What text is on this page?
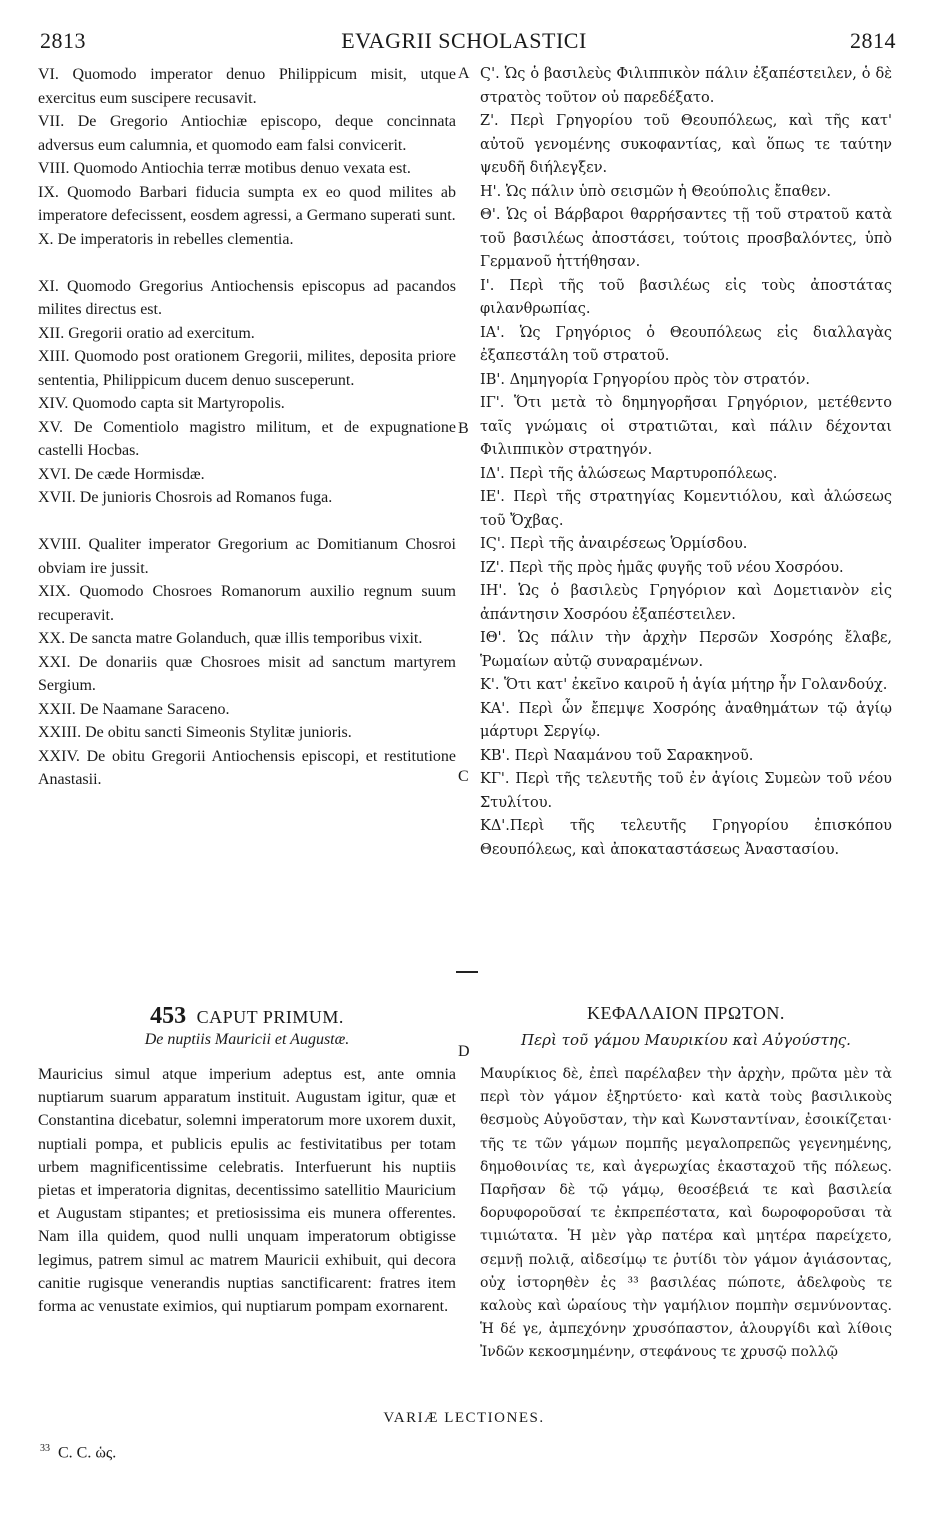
2813	EVAGRII SCHOLASTICI	2814
A
B
C
D

VI. Quomodo imperator denuo Philippicum misit, utque exercitus eum suscipere recusavit.

VII. De Gregorio Antiochiæ episcopo, deque concinnata adversus eum calumnia, et quomodo eam falsi convicerit.

VIII. Quomodo Antiochia terræ motibus denuo vexata est.

IX. Quomodo Barbari fiducia sumpta ex eo quod milites ab imperatore defecissent, eosdem agressi, a Germano superati sunt.

X. De imperatoris in rebelles clementia.

XI. Quomodo Gregorius Antiochensis episcopus ad pacandos milites directus est.

XII. Gregorii oratio ad exercitum.

XIII. Quomodo post orationem Gregorii, milites, deposita priore sententia, Philippicum ducem denuo susceperunt.

XIV. Quomodo capta sit Martyropolis.

XV. De Comentiolo magistro militum, et de expugnatione castelli Hocbas.

XVI. De cæde Hormisdæ.

XVII. De junioris Chosrois ad Romanos fuga.

XVIII. Qualiter imperator Gregorium ac Domitianum Chosroi obviam ire jussit.

XIX. Quomodo Chosroes Romanorum auxilio regnum suum recuperavit.

XX. De sancta matre Golanduch, quæ illis temporibus vixit.

XXI. De donariis quæ Chosroes misit ad sanctum martyrem Sergium.

XXII. De Naamane Saraceno.

XXIII. De obitu sancti Simeonis Stylitæ junioris.

XXIV. De obitu Gregorii Antiochensis episcopi, et restitutione Anastasii.

Ϛ'. Ὡς ὁ βασιλεὺς Φιλιππικὸν πάλιν ἐξαπέστειλεν, ὁ δὲ στρατὸς τοῦτον οὐ παρεδέξατο.

Ζ'. Περὶ Γρηγορίου τοῦ Θεουπόλεως, καὶ τῆς κατ' αὐτοῦ γενομένης συκοφαντίας, καὶ ὅπως τε ταύτην ψευδῆ διήλεγξεν.

Η'. Ὡς πάλιν ὑπὸ σεισμῶν ἡ Θεούπολις ἔπαθεν.

Θ'. Ὡς οἱ Βάρβαροι θαρρήσαντες τῇ τοῦ στρατοῦ κατὰ τοῦ βασιλέως ἀποστάσει, τούτοις προσβαλόντες, ὑπὸ Γερμανοῦ ἡττήθησαν.

Ι'. Περὶ τῆς τοῦ βασιλέως εἰς τοὺς ἀποστάτας φιλανθρωπίας.

ΙΑ'. Ὡς Γρηγόριος ὁ Θεουπόλεως εἰς διαλλαγὰς ἐξαπεστάλη τοῦ στρατοῦ.

ΙΒ'. Δημηγορία Γρηγορίου πρὸς τὸν στρατόν.

ΙΓ'. Ὅτι μετὰ τὸ δημηγορῆσαι Γρηγόριον, μετέθεντο ταῖς γνώμαις οἱ στρατιῶται, καὶ πάλιν δέχονται Φιλιππικὸν στρατηγόν.

ΙΔ'. Περὶ τῆς ἁλώσεως Μαρτυροπόλεως.

ΙΕ'. Περὶ τῆς στρατηγίας Κομεντιόλου, καὶ ἁλώσεως τοῦ Ὄχβας.

ΙϚ'. Περὶ τῆς ἀναιρέσεως Ὁρμίσδου.

ΙΖ'. Περὶ τῆς πρὸς ἡμᾶς φυγῆς τοῦ νέου Χοσρόου.

ΙΗ'. Ὡς ὁ βασιλεὺς Γρηγόριον καὶ Δομετιανὸν εἰς ἀπάντησιν Χοσρόου ἐξαπέστειλεν.

ΙΘ'. Ὡς πάλιν τὴν ἀρχὴν Περσῶν Χοσρόης ἔλαβε, Ῥωμαίων αὐτῷ συναραμένων.

Κ'. Ὅτι κατ' ἐκεῖνο καιροῦ ἡ ἁγία μήτηρ ἦν Γολανδούχ.

ΚΑ'. Περὶ ὧν ἔπεμψε Χοσρόης ἀναθημάτων τῷ ἁγίῳ μάρτυρι Σεργίῳ.

ΚΒ'. Περὶ Νααμάνου τοῦ Σαρακηνοῦ.

ΚΓ'. Περὶ τῆς τελευτῆς τοῦ ἐν ἁγίοις Συμεὼν τοῦ νέου Στυλίτου.

ΚΔ'.Περὶ τῆς τελευτῆς Γρηγορίου ἐπισκόπου Θεουπόλεως, καὶ ἀποκαταστάσεως Ἀναστασίου.

453 CAPUT PRIMUM.	ΚΕΦΑΛΑΙΟΝ ΠΡΩΤΟΝ.
De nuptiis Mauricii et Augustæ.	Περὶ τοῦ γάμου Μαυρικίου καὶ Αὐγούστης.
Mauricius simul atque imperium adeptus est, ante omnia nuptiarum suarum apparatum instituit. Augustam igitur, quæ et Constantina dicebatur, solemni imperatorum more uxorem duxit, nuptiali pompa, et publicis epulis ac festivitatibus per totam urbem magnificentissime celebratis. Interfuerunt his nuptiis pietas et imperatoria dignitas, decentissimo satellitio Mauricium et Augustam stipantes; et pretiosissima eis munera offerentes. Nam illa quidem, quod nulli unquam imperatorum obtigisse legimus, patrem simul ac matrem Mauricii exhibuit, qui decora canitie rugisque venerandis nuptias sanctificarent: fratres item forma ac venustate eximios, qui nuptiarum pompam exornarent.
Μαυρίκιος δὲ, ἐπεὶ παρέλαβεν τὴν ἀρχὴν, πρῶτα μὲν τὰ περὶ τὸν γάμον ἐξηρτύετο· καὶ κατὰ τοὺς βασιλικοὺς θεσμοὺς Αὐγοῦσταν, τὴν καὶ Κωνσταντίναν, ἐσοικίζεται· τῆς τε τῶν γάμων πομπῆς μεγαλοπρεπῶς γεγενημένης, δημοθοινίας τε, καὶ ἀγερωχίας ἑκασταχοῦ τῆς πόλεως. Παρῆσαν δὲ τῷ γάμῳ, θεοσέβειά τε καὶ βασιλεία δορυφοροῦσαί τε ἐκπρεπέστατα, καὶ δωροφοροῦσαι τὰ τιμιώτατα. Ἡ μὲν γὰρ πατέρα καὶ μητέρα παρείχετο, σεμνῇ πολιᾷ, αἰδεσίμῳ τε ῥυτίδι τὸν γάμον ἁγιάσοντας, οὐχ ἱστορηθὲν ἐς ³³ βασιλέας πώποτε, ἀδελφοὺς τε καλοὺς καὶ ὡραίους τὴν γαμήλιον πομπὴν σεμνύνοντας. Ἡ δέ γε, ἀμπεχόνην χρυσόπαστον, ἁλουργίδι καὶ λίθοις Ἰνδῶν κεκοσμημένην, στεφάνους τε χρυσῷ πολλῷ
VARIÆ LECTIONES.
$^{33}$ C. C. ὡς.
